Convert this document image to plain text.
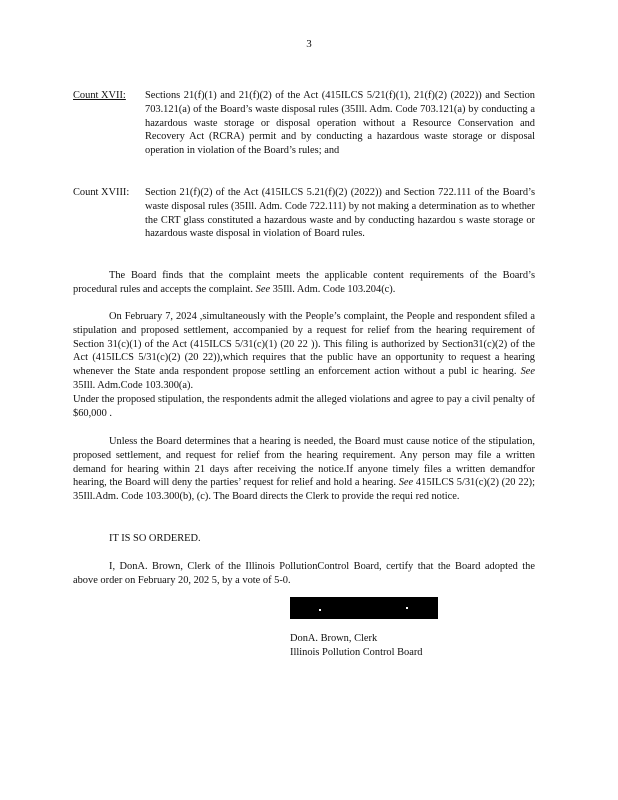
3
Count XVII:	Sections 21(f)(1) and 21(f)(2) of the Act (415ILCS 5/21(f)(1), 21(f)(2) (2022)) and Section 703.121(a) of the Board’s waste disposal rules (35Ill. Adm. Code 703.121(a) by conducting a hazardous waste storage or disposal operation without a Resource Conservation and Recovery Act (RCRA) permit and by conducting a hazardous waste storage or disposal operation in violation of the Board’s rules; and
Count XVIII:	Section 21(f)(2) of the Act (415ILCS 5.21(f)(2) (2022)) and Section 722.111 of the Board’s waste disposal rules (35Ill. Adm. Code 722.111) by not making a determination as to whether the CRT glass constituted a hazardous waste and by conducting hazardou s waste storage or hazardous waste disposal in violation of Board rules.
The Board finds that the complaint meets the applicable content requirements of the Board’s procedural rules and accepts the complaint. See 35Ill. Adm. Code 103.204(c).
On February 7, 2024 ,simultaneously with the People’s complaint, the People and respondent sfiled a stipulation and proposed settlement, accompanied by a request for relief from the hearing requirement of Section 31(c)(1) of the Act (415ILCS 5/31(c)(1) (20 22 )). This filing is authorized by Section31(c)(2) of the Act (415ILCS 5/31(c)(2) (20 22)),which requires that the public have an opportunity to request a hearing whenever the State anda respondent propose settling an enforcement action without a publ ic hearing. See 35Ill. Adm.Code 103.300(a).
Under the proposed stipulation, the respondents admit the alleged violations and agree to pay a civil penalty of $60,000 .
Unless the Board determines that a hearing is needed, the Board must cause notice of the stipulation, proposed settlement, and request for relief from the hearing requirement. Any person may file a written demand for hearing within 21 days after receiving the notice.If anyone timely files a written demandfor hearing, the Board will deny the parties’ request for relief and hold a hearing. See 415ILCS 5/31(c)(2) (20 22); 35Ill.Adm. Code 103.300(b), (c). The Board directs the Clerk to provide the requi red notice.
IT IS SO ORDERED.
I, DonA. Brown, Clerk of the Illinois PollutionControl Board, certify that the Board adopted the above order on February 20, 202 5, by a vote of 5-0.
DonA. Brown, Clerk
Illinois Pollution Control Board
